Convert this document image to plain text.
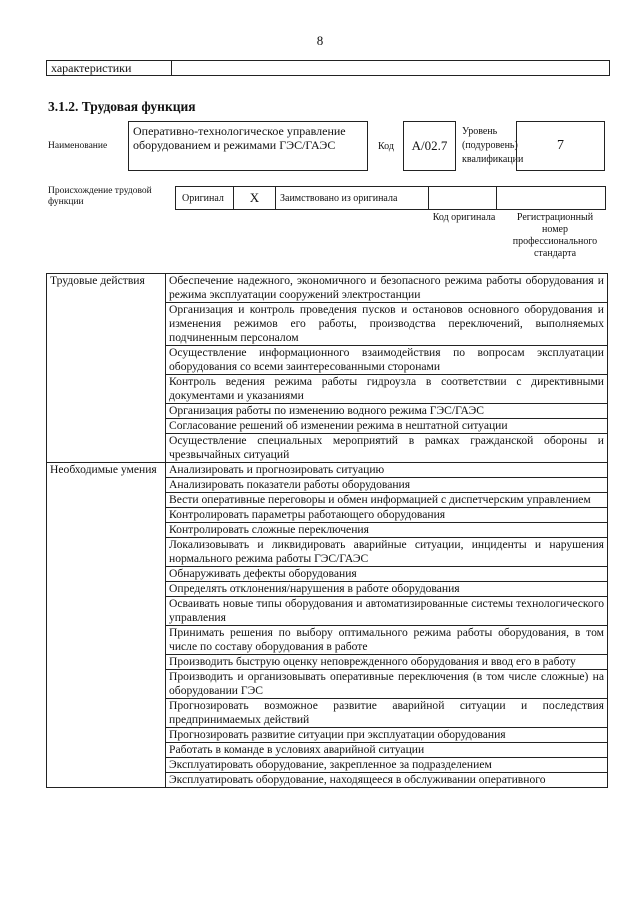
8
характеристики
3.1.2. Трудовая функция
Наименование
Оперативно-технологическое управление оборудованием и режимами ГЭС/ГАЭС	Код	А/02.7
Уровень (подуровень) квалификации
7
Происхождение трудовой функции	Оригинал	X	Заимствовано из оригинала
Код оригинала	Регистрационный номер профессионального стандарта
Трудовые действия	Обеспечение надежного, экономичного и безопасного режима работы оборудования и режима эксплуатации сооружений электростанции
	Организация и контроль проведения пусков и остановов основного оборудования и изменения режимов его работы, производства переключений, выполняемых подчиненным персоналом
	Осуществление информационного взаимодействия по вопросам эксплуатации оборудования со всеми заинтересованными сторонами
	Контроль ведения режима работы гидроузла в соответствии с директивными документами и указаниями
	Организация работы по изменению водного режима ГЭС/ГАЭС
	Согласование решений об изменении режима в нештатной ситуации
	Осуществление специальных мероприятий в рамках гражданской обороны и чрезвычайных ситуаций
Необходимые умения	Анализировать и прогнозировать ситуацию
	Анализировать показатели работы оборудования
	Вести оперативные переговоры и обмен информацией с диспетчерским управлением
	Контролировать параметры работающего оборудования
	Контролировать сложные переключения
	Локализовывать и ликвидировать аварийные ситуации, инциденты и нарушения нормального режима работы ГЭС/ГАЭС
	Обнаруживать дефекты оборудования
	Определять отклонения/нарушения в работе оборудования
	Осваивать новые типы оборудования и автоматизированные системы технологического управления
	Принимать решения по выбору оптимального режима работы оборудования, в том числе по составу оборудования в работе
	Производить быструю оценку неповрежденного оборудования и ввод его в работу
	Производить и организовывать оперативные переключения (в том числе сложные) на оборудовании ГЭС
	Прогнозировать возможное развитие аварийной ситуации и последствия предпринимаемых действий
	Прогнозировать развитие ситуации при эксплуатации оборудования
	Работать в команде в условиях аварийной ситуации
	Эксплуатировать оборудование, закрепленное за подразделением
	Эксплуатировать оборудование, находящееся в обслуживании оперативного
